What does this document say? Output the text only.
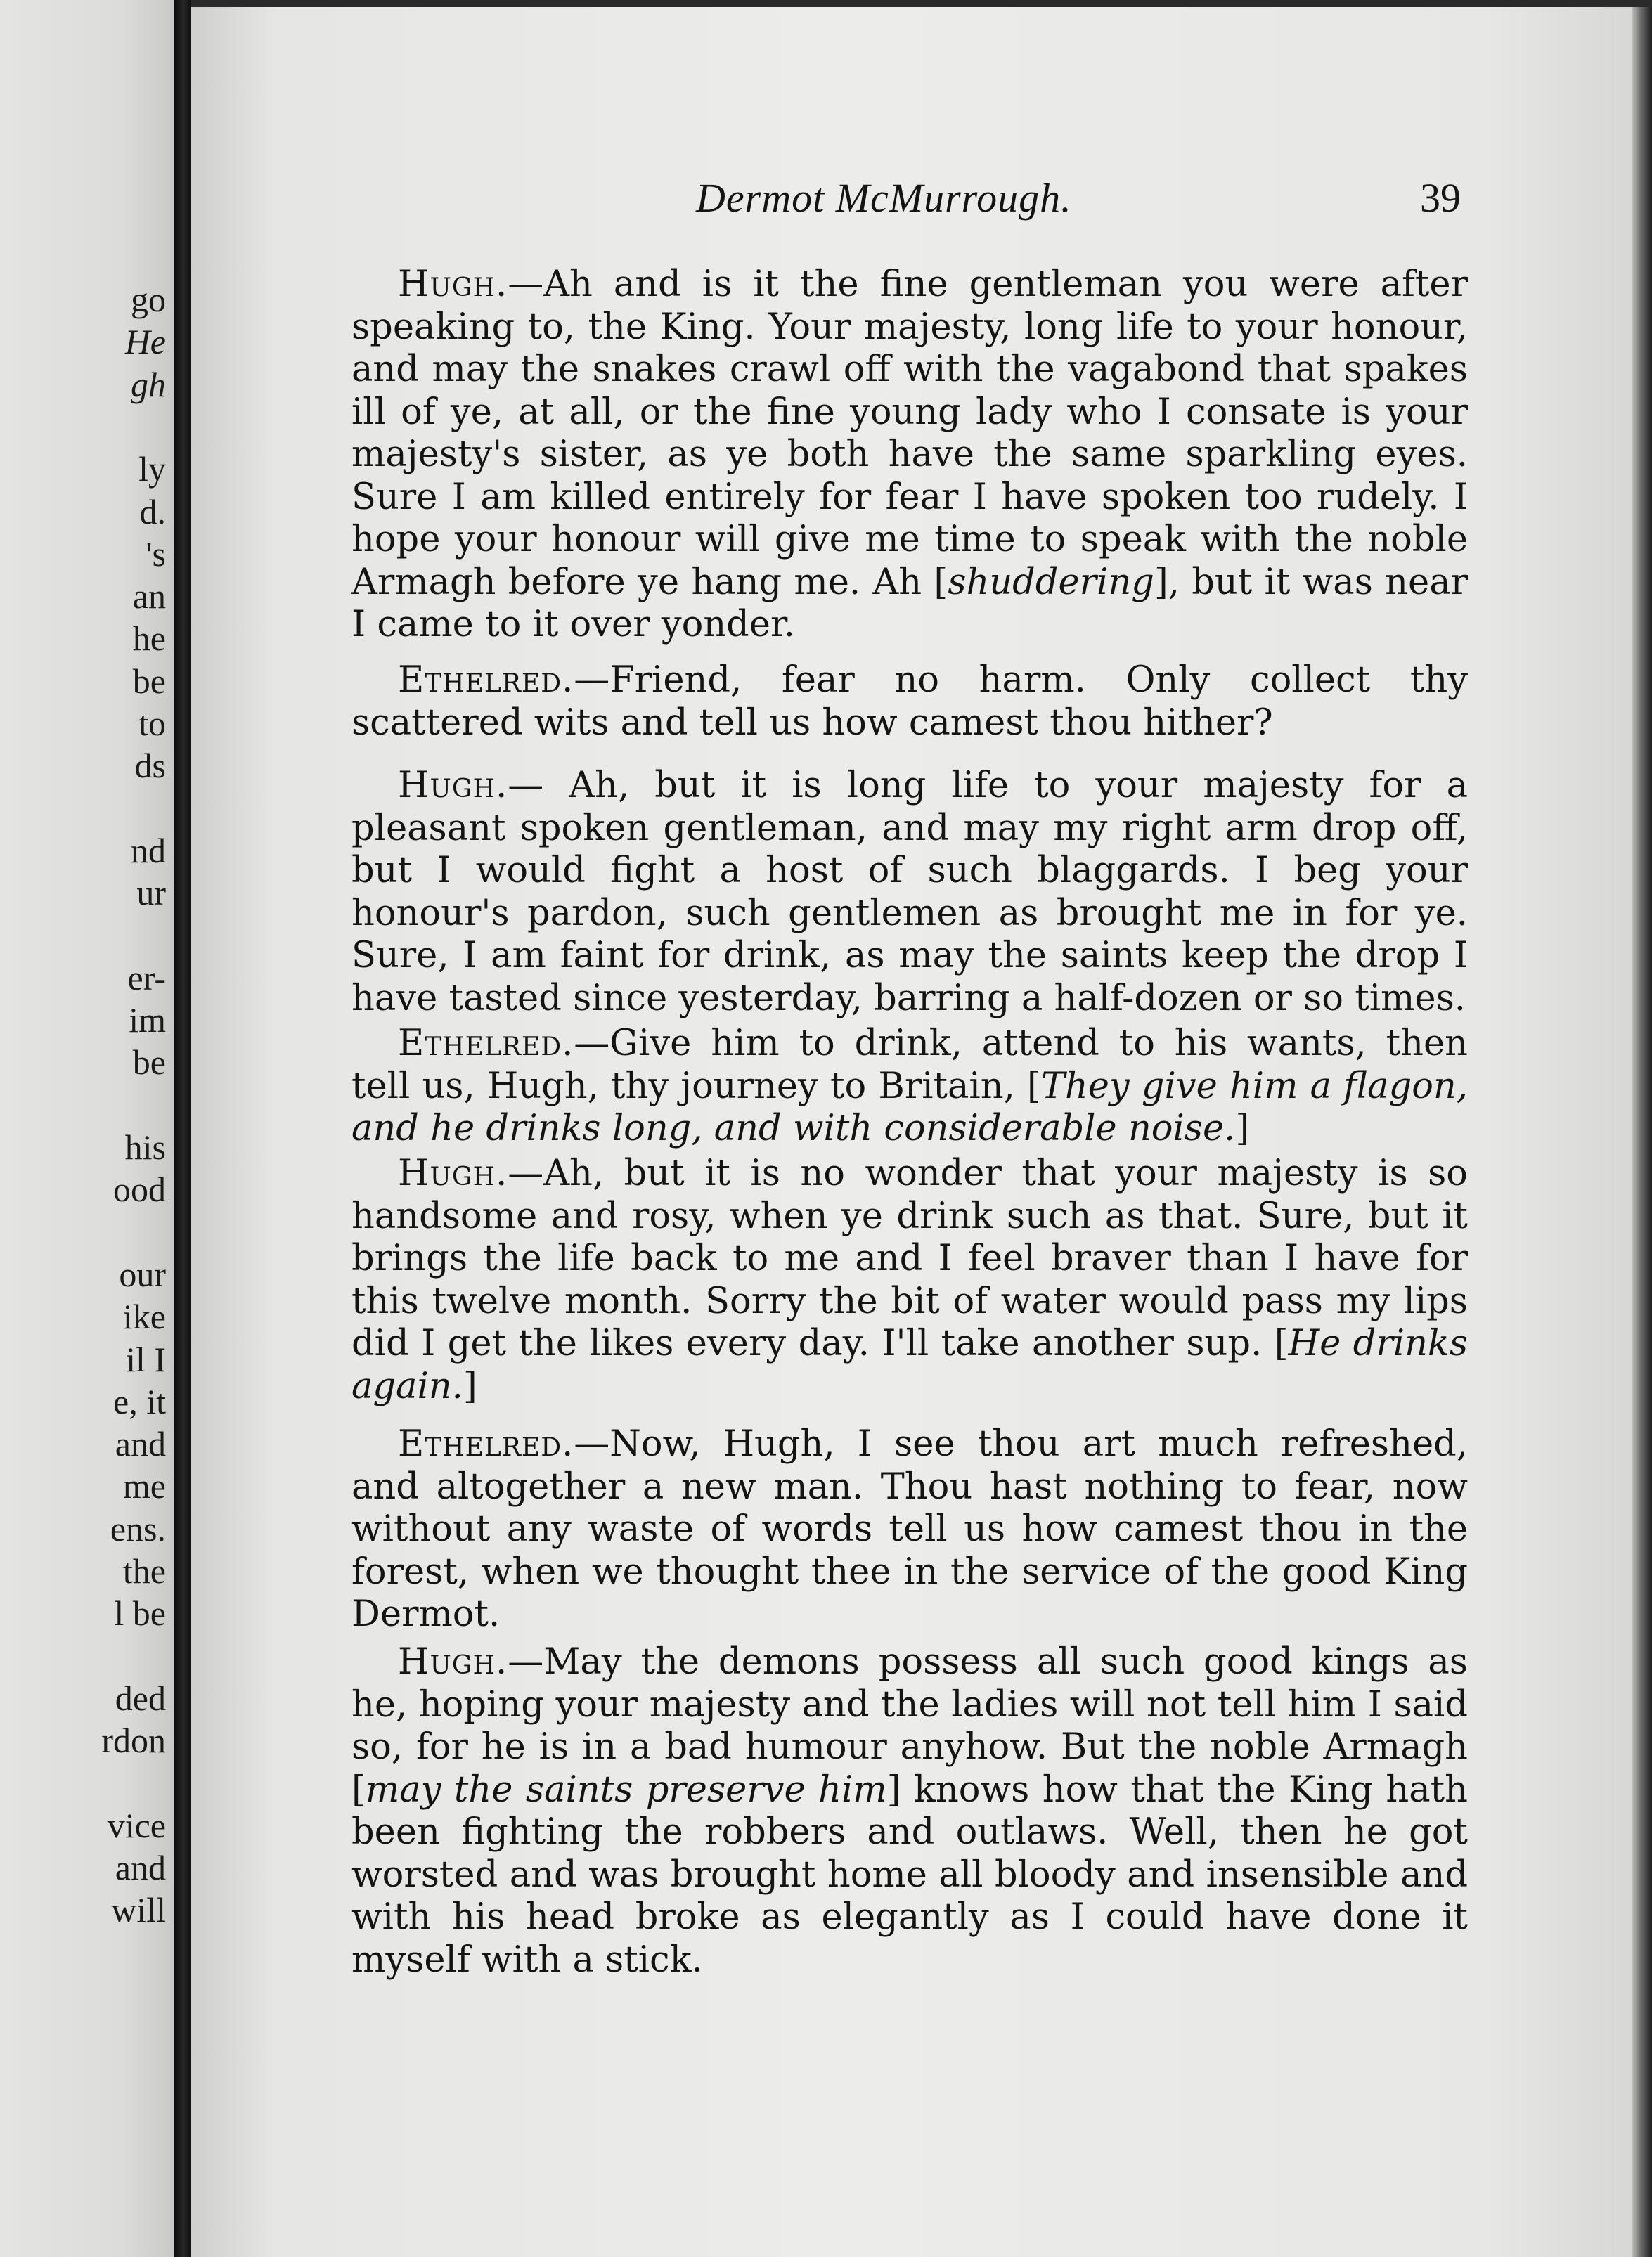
go
He
gh
ly
d.
's
an
he
be
to
ds
nd
ur
er-
im
be
his
ood
our
ike
il I
e, it
and
me
ens.
the
l be
ded
rdon
vice
and
will
Dermot McMurrough.	39

Hugh.—Ah and is it the fine gentleman you were after speaking to, the King. Your majesty, long life to your honour, and may the snakes crawl off with the vagabond that spakes ill of ye, at all, or the fine young lady who I consate is your majesty's sister, as ye both have the same sparkling eyes. Sure I am killed entirely for fear I have spoken too rudely. I hope your honour will give me time to speak with the noble Armagh before ye hang me. Ah [shuddering], but it was near I came to it over yonder.

Ethelred.—Friend, fear no harm. Only collect thy scattered wits and tell us how camest thou hither?

Hugh.— Ah, but it is long life to your majesty for a pleasant spoken gentleman, and may my right arm drop off, but I would fight a host of such blaggards. I beg your honour's pardon, such gentlemen as brought me in for ye. Sure, I am faint for drink, as may the saints keep the drop I have tasted since yesterday, barring a half-dozen or so times.

Ethelred.—Give him to drink, attend to his wants, then tell us, Hugh, thy journey to Britain, [They give him a flagon, and he drinks long, and with considerable noise.]

Hugh.—Ah, but it is no wonder that your majesty is so handsome and rosy, when ye drink such as that. Sure, but it brings the life back to me and I feel braver than I have for this twelve month. Sorry the bit of water would pass my lips did I get the likes every day. I'll take another sup. [He drinks again.]

Ethelred.—Now, Hugh, I see thou art much refreshed, and altogether a new man. Thou hast nothing to fear, now without any waste of words tell us how camest thou in the forest, when we thought thee in the service of the good King Dermot.

Hugh.—May the demons possess all such good kings as he, hoping your majesty and the ladies will not tell him I said so, for he is in a bad humour anyhow. But the noble Armagh [may the saints preserve him] knows how that the King hath been fighting the robbers and outlaws. Well, then he got worsted and was brought home all bloody and insensible and with his head broke as elegantly as I could have done it myself with a stick.
